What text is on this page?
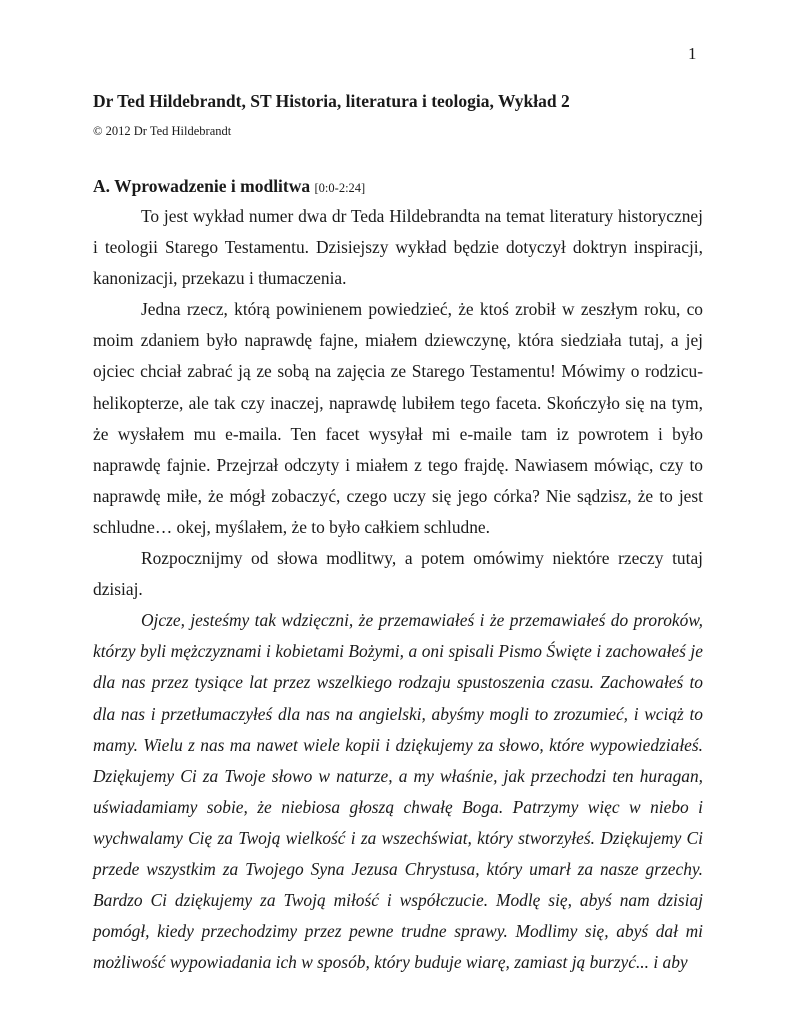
1
Dr Ted Hildebrandt, ST Historia, literatura i teologia, Wykład 2
© 2012 Dr Ted Hildebrandt
A. Wprowadzenie i modlitwa [0:0-2:24]

To jest wykład numer dwa dr Teda Hildebrandta na temat literatury historycznej i teologii Starego Testamentu. Dzisiejszy wykład będzie dotyczył doktryn inspiracji, kanonizacji, przekazu i tłumaczenia.

Jedna rzecz, którą powinienem powiedzieć, że ktoś zrobił w zeszłym roku, co moim zdaniem było naprawdę fajne, miałem dziewczynę, która siedziała tutaj, a jej ojciec chciał zabrać ją ze sobą na zajęcia ze Starego Testamentu! Mówimy o rodzicu-helikopterze, ale tak czy inaczej, naprawdę lubiłem tego faceta. Skończyło się na tym, że wysłałem mu e-maila. Ten facet wysyłał mi e-maile tam iz powrotem i było naprawdę fajnie. Przejrzał odczyty i miałem z tego frajdę. Nawiasem mówiąc, czy to naprawdę miłe, że mógł zobaczyć, czego uczy się jego córka? Nie sądzisz, że to jest schludne… okej, myślałem, że to było całkiem schludne.

Rozpocznijmy od słowa modlitwy, a potem omówimy niektóre rzeczy tutaj dzisiaj.

Ojcze, jesteśmy tak wdzięczni, że przemawiałeś i że przemawiałeś do proroków, którzy byli mężczyznami i kobietami Bożymi, a oni spisali Pismo Święte i zachowałeś je dla nas przez tysiące lat przez wszelkiego rodzaju spustoszenia czasu. Zachowałeś to dla nas i przetłumaczyłeś dla nas na angielski, abyśmy mogli to zrozumieć, i wciąż to mamy. Wielu z nas ma nawet wiele kopii i dziękujemy za słowo, które wypowiedziałeś. Dziękujemy Ci za Twoje słowo w naturze, a my właśnie, jak przechodzi ten huragan, uświadamiamy sobie, że niebiosa głoszą chwałę Boga. Patrzymy więc w niebo i wychwalamy Cię za Twoją wielkość i za wszechświat, który stworzyłeś. Dziękujemy Ci przede wszystkim za Twojego Syna Jezusa Chrystusa, który umarł za nasze grzechy. Bardzo Ci dziękujemy za Twoją miłość i współczucie. Modlę się, abyś nam dzisiaj pomógł, kiedy przechodzimy przez pewne trudne sprawy. Modlimy się, abyś dał mi możliwość wypowiadania ich w sposób, który buduje wiarę, zamiast ją burzyć... i aby
